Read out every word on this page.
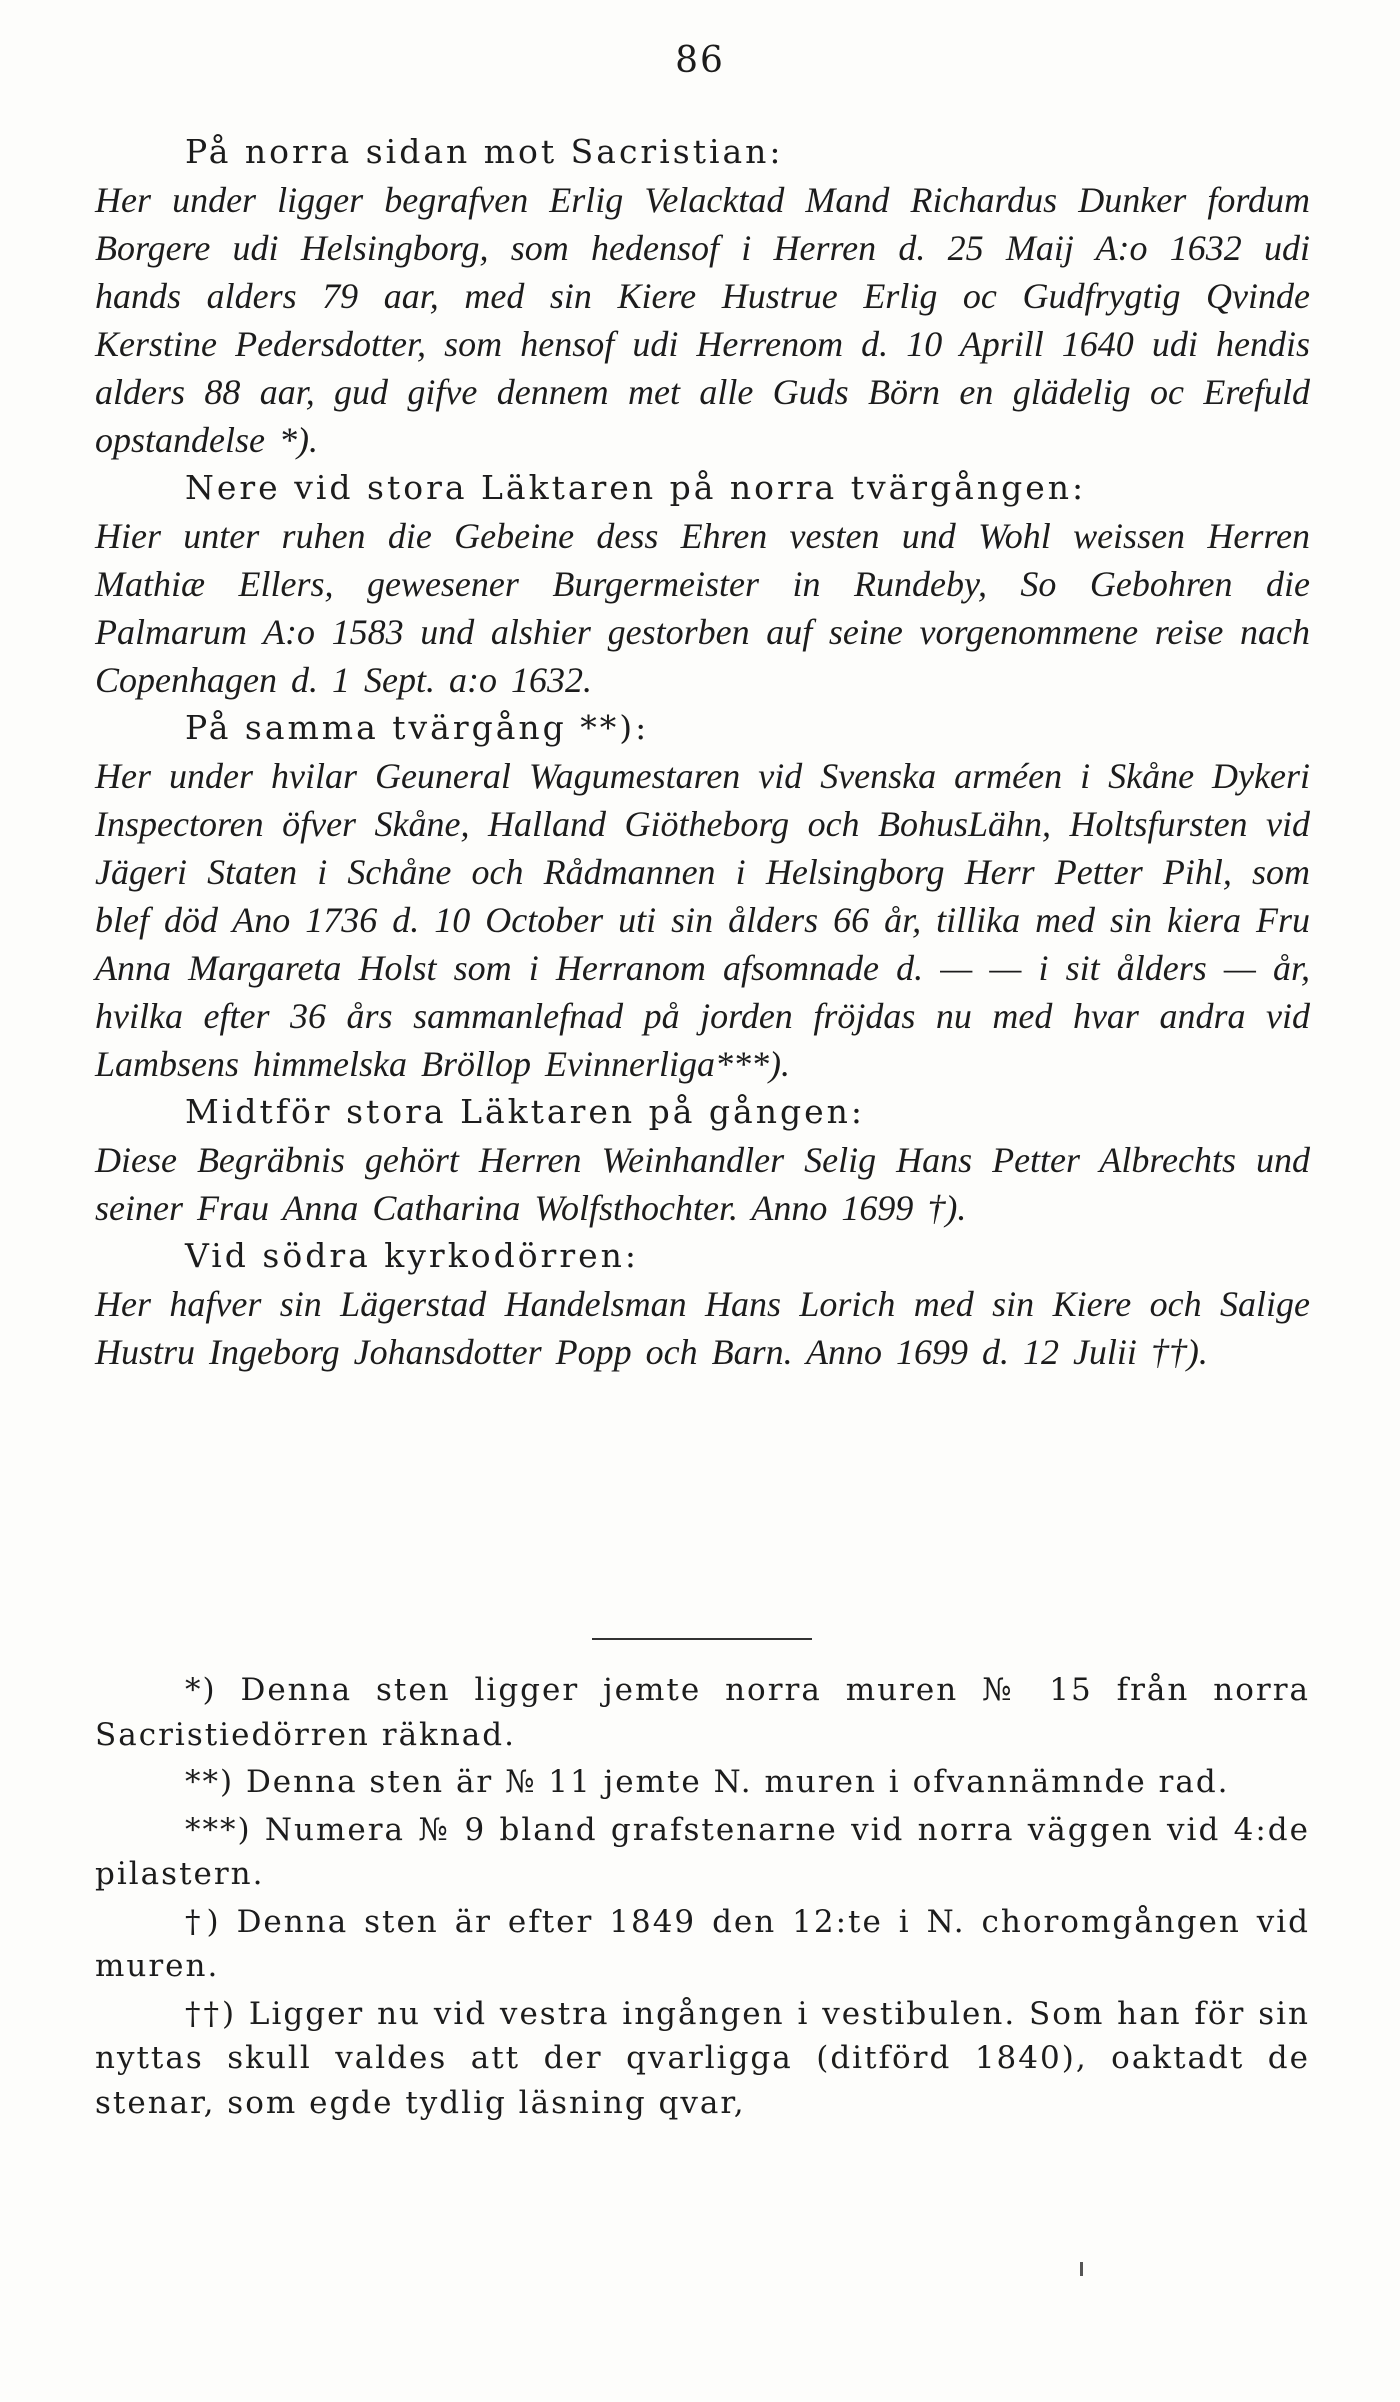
86

På norra sidan mot Sacristian:

Her under ligger begrafven Erlig Velacktad Mand Richardus Dunker fordum Borgere udi Helsingborg, som hedensof i Herren d. 25 Maij A:o 1632 udi hands alders 79 aar, med sin Kiere Hustrue Erlig oc Gudfrygtig Qvinde Kerstine Pedersdotter, som hensof udi Herrenom d. 10 Aprill 1640 udi hendis alders 88 aar, gud gifve dennem met alle Guds Börn en glädelig oc Erefuld opstandelse *).

Nere vid stora Läktaren på norra tvärgången:

Hier unter ruhen die Gebeine dess Ehren vesten und Wohl weissen Herren Mathiæ Ellers, gewesener Burgermeister in Rundeby, So Gebohren die Palmarum A:o 1583 und alshier gestorben auf seine vorgenommene reise nach Copenhagen d. 1 Sept. a:o 1632.

På samma tvärgång **):

Her under hvilar Geuneral Wagumestaren vid Svenska arméen i Skåne Dykeri Inspectoren öfver Skåne, Halland Giötheborg och BohusLähn, Holtsfursten vid Jägeri Staten i Schåne och Rådmannen i Helsingborg Herr Petter Pihl, som blef död Ano 1736 d. 10 October uti sin ålders 66 år, tillika med sin kiera Fru Anna Margareta Holst som i Herranom afsomnade d. — — i sit ålders — år, hvilka efter 36 års sammanlefnad på jorden fröjdas nu med hvar andra vid Lambsens himmelska Bröllop Evinnerliga***).

Midtför stora Läktaren på gången:

Diese Begräbnis gehört Herren Weinhandler Selig Hans Petter Albrechts und seiner Frau Anna Catharina Wolfsthochter. Anno 1699 †).

Vid södra kyrkodörren:

Her hafver sin Lägerstad Handelsman Hans Lorich med sin Kiere och Salige Hustru Ingeborg Johansdotter Popp och Barn. Anno 1699 d. 12 Julii ††).

*) Denna sten ligger jemte norra muren № 15 från norra Sacristiedörren räknad.

**) Denna sten är № 11 jemte N. muren i ofvannämnde rad.

***) Numera № 9 bland grafstenarne vid norra väggen vid 4:de pilastern.

†) Denna sten är efter 1849 den 12:te i N. choromgången vid muren.

††) Ligger nu vid vestra ingången i vestibulen. Som han för sin nyttas skull valdes att der qvarligga (ditförd 1840), oaktadt de stenar, som egde tydlig läsning qvar,
